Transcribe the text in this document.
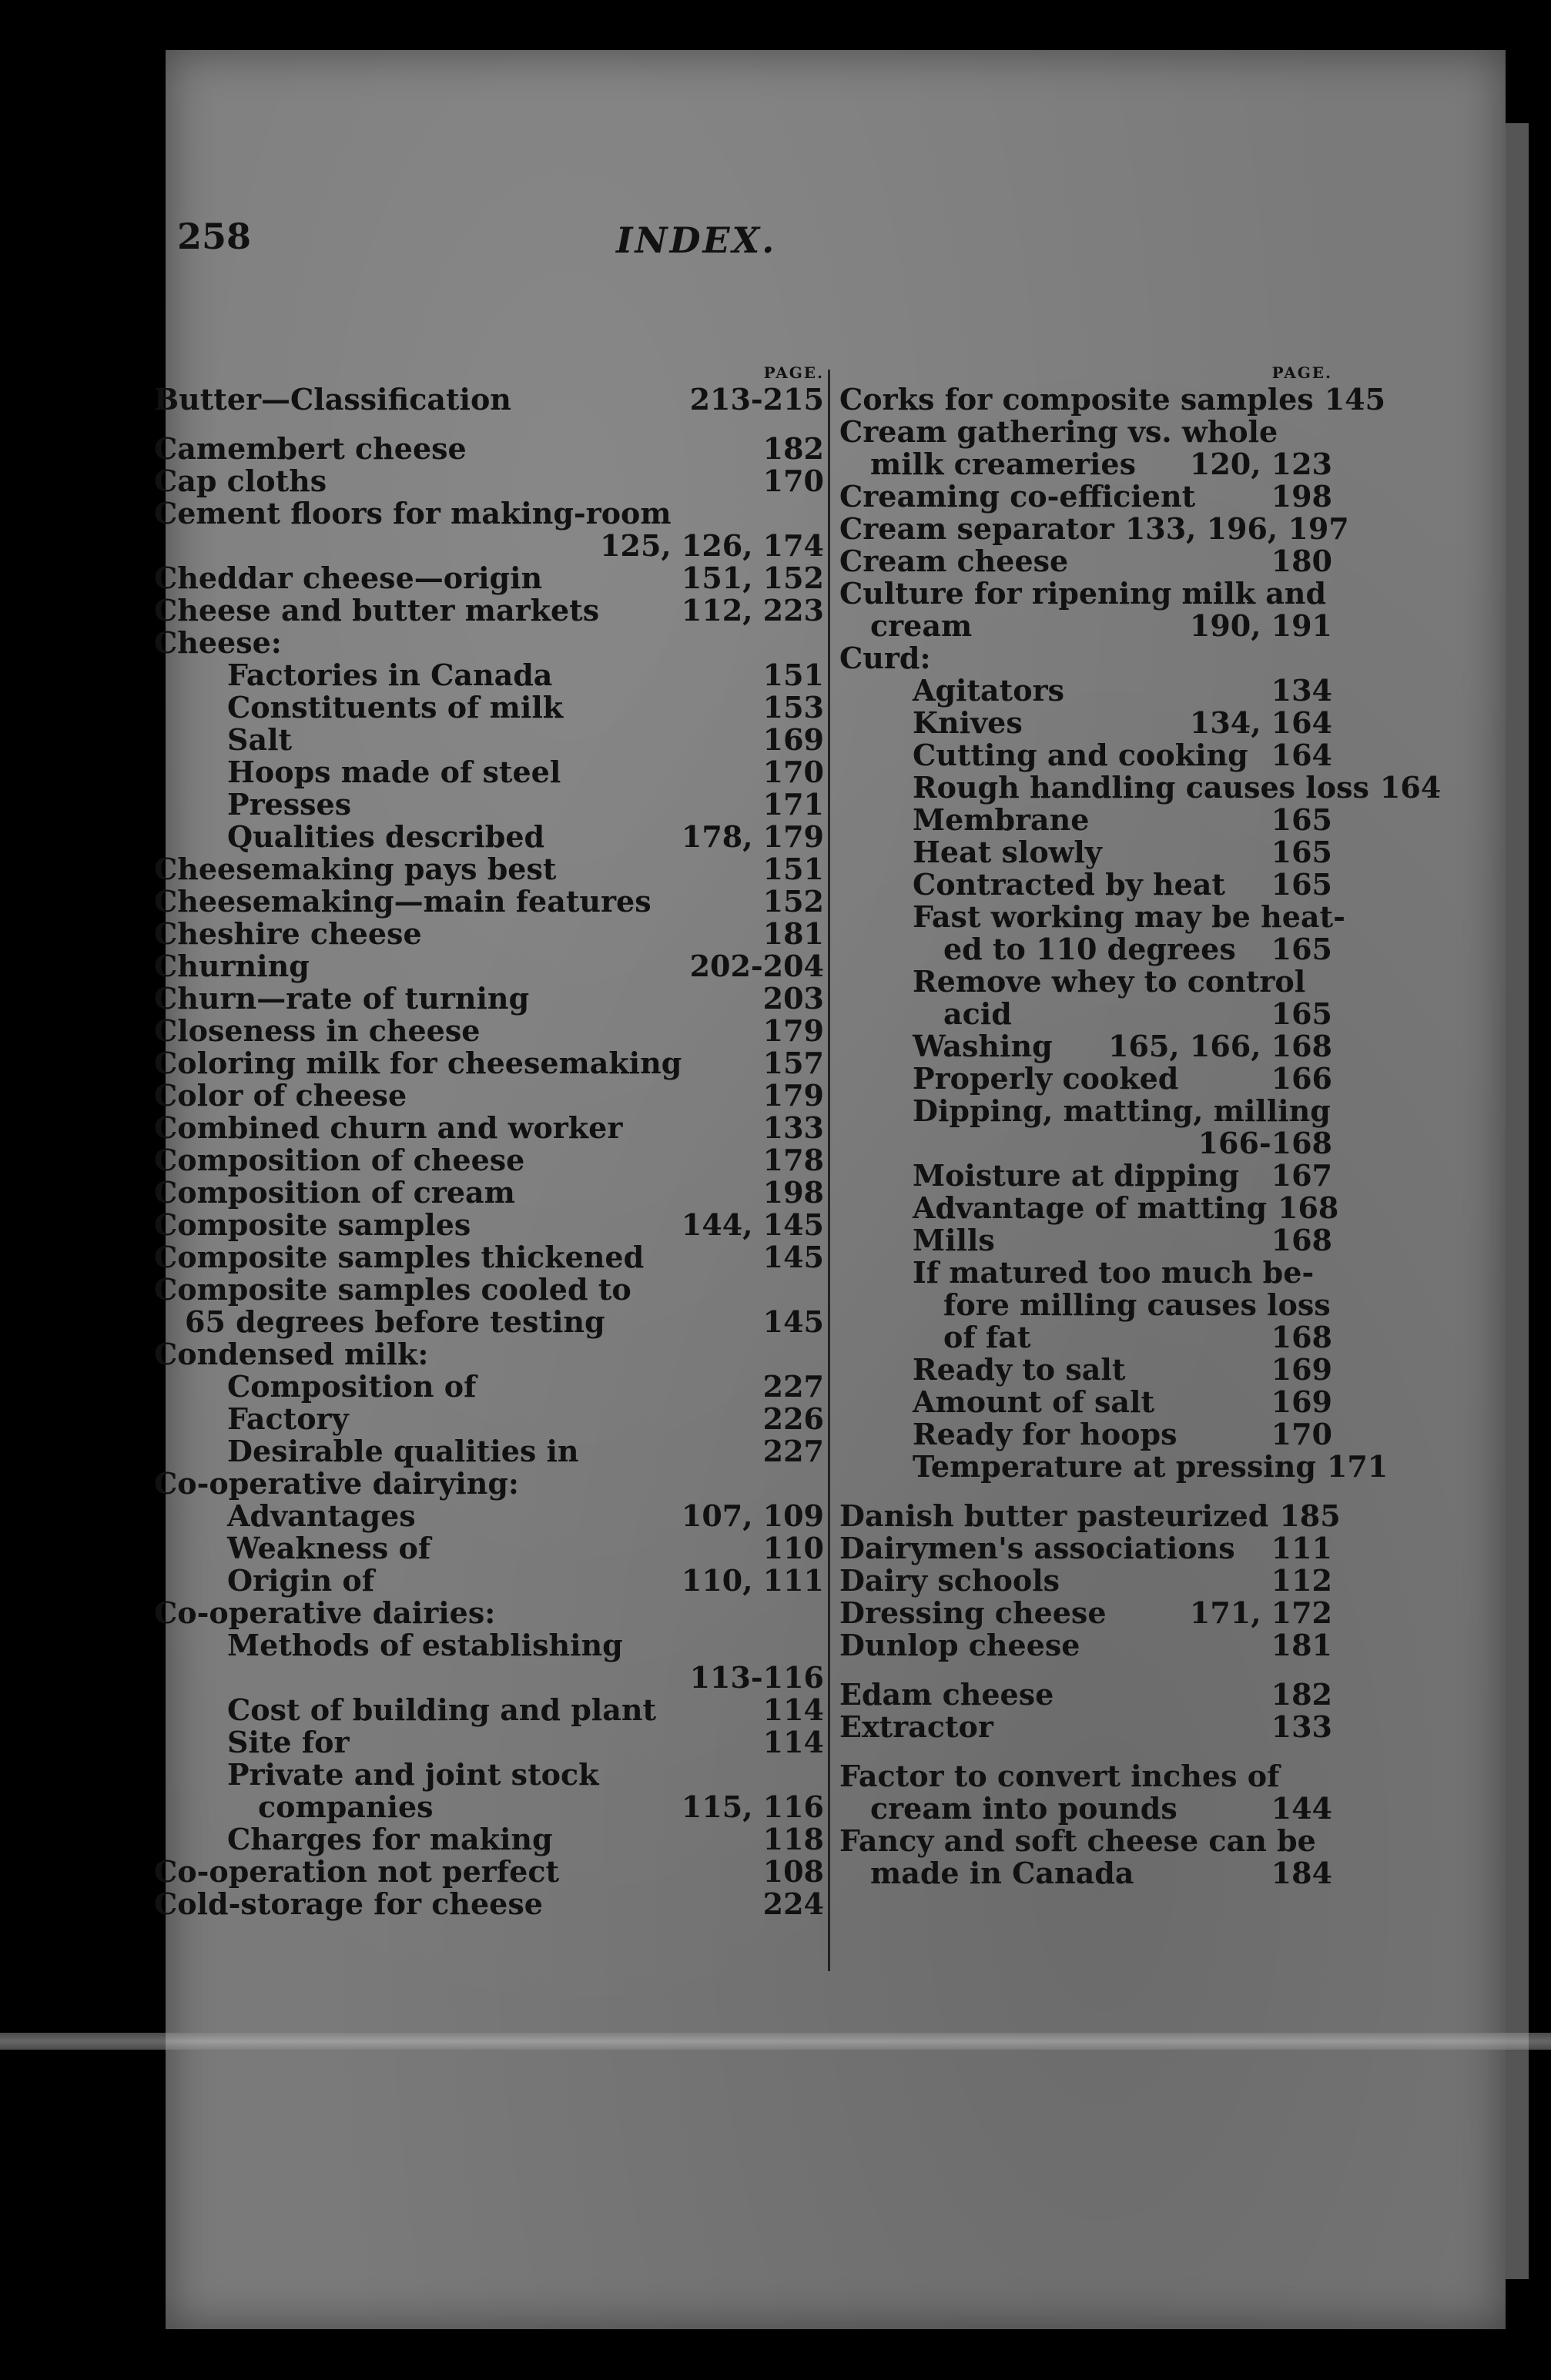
258	INDEX.
PAGE.
Butter—Classification	213-215
Camembert cheese	182
Cap cloths	170
Cement floors for making-room
125, 126, 174
Cheddar cheese—origin	151, 152
Cheese and butter markets	112, 223
Cheese:
Factories in Canada	151
Constituents of milk	153
Salt	169
Hoops made of steel	170
Presses	171
Qualities described	178, 179
Cheesemaking pays best	151
Cheesemaking—main features	152
Cheshire cheese	181
Churning	202-204
Churn—rate of turning	203
Closeness in cheese	179
Coloring milk for cheesemaking	157
Color of cheese	179
Combined churn and worker	133
Composition of cheese	178
Composition of cream	198
Composite samples	144, 145
Composite samples thickened	145
Composite samples cooled to
65 degrees before testing	145
Condensed milk:
Composition of	227
Factory	226
Desirable qualities in	227
Co-operative dairying:
Advantages	107, 109
Weakness of	110
Origin of	110, 111
Co-operative dairies:
Methods of establishing
113-116
Cost of building and plant	114
Site for	114
Private and joint stock
companies	115, 116
Charges for making	118
Co-operation not perfect	108
Cold-storage for cheese	224
PAGE.
Corks for composite samples 145
Cream gathering vs. whole
milk creameries	120, 123
Creaming co-efficient	198
Cream separator 133, 196, 197
Cream cheese	180
Culture for ripening milk and
cream	190, 191
Curd:
Agitators	134
Knives	134, 164
Cutting and cooking 164
Rough handling causes loss 164
Membrane	165
Heat slowly	165
Contracted by heat	165
Fast working may be heat-
ed to 110 degrees	165
Remove whey to control
acid	165
Washing	165, 166, 168
Properly cooked	166
Dipping, matting, milling
166-168
Moisture at dipping	167
Advantage of matting 168
Mills	168
If matured too much be-
fore milling causes loss
of fat	168
Ready to salt	169
Amount of salt	169
Ready for hoops	170
Temperature at pressing 171
Danish butter pasteurized 185
Dairymen's associations	111
Dairy schools	112
Dressing cheese	171, 172
Dunlop cheese	181
Edam cheese	182
Extractor	133
Factor to convert inches of
cream into pounds	144
Fancy and soft cheese can be
made in Canada	184
